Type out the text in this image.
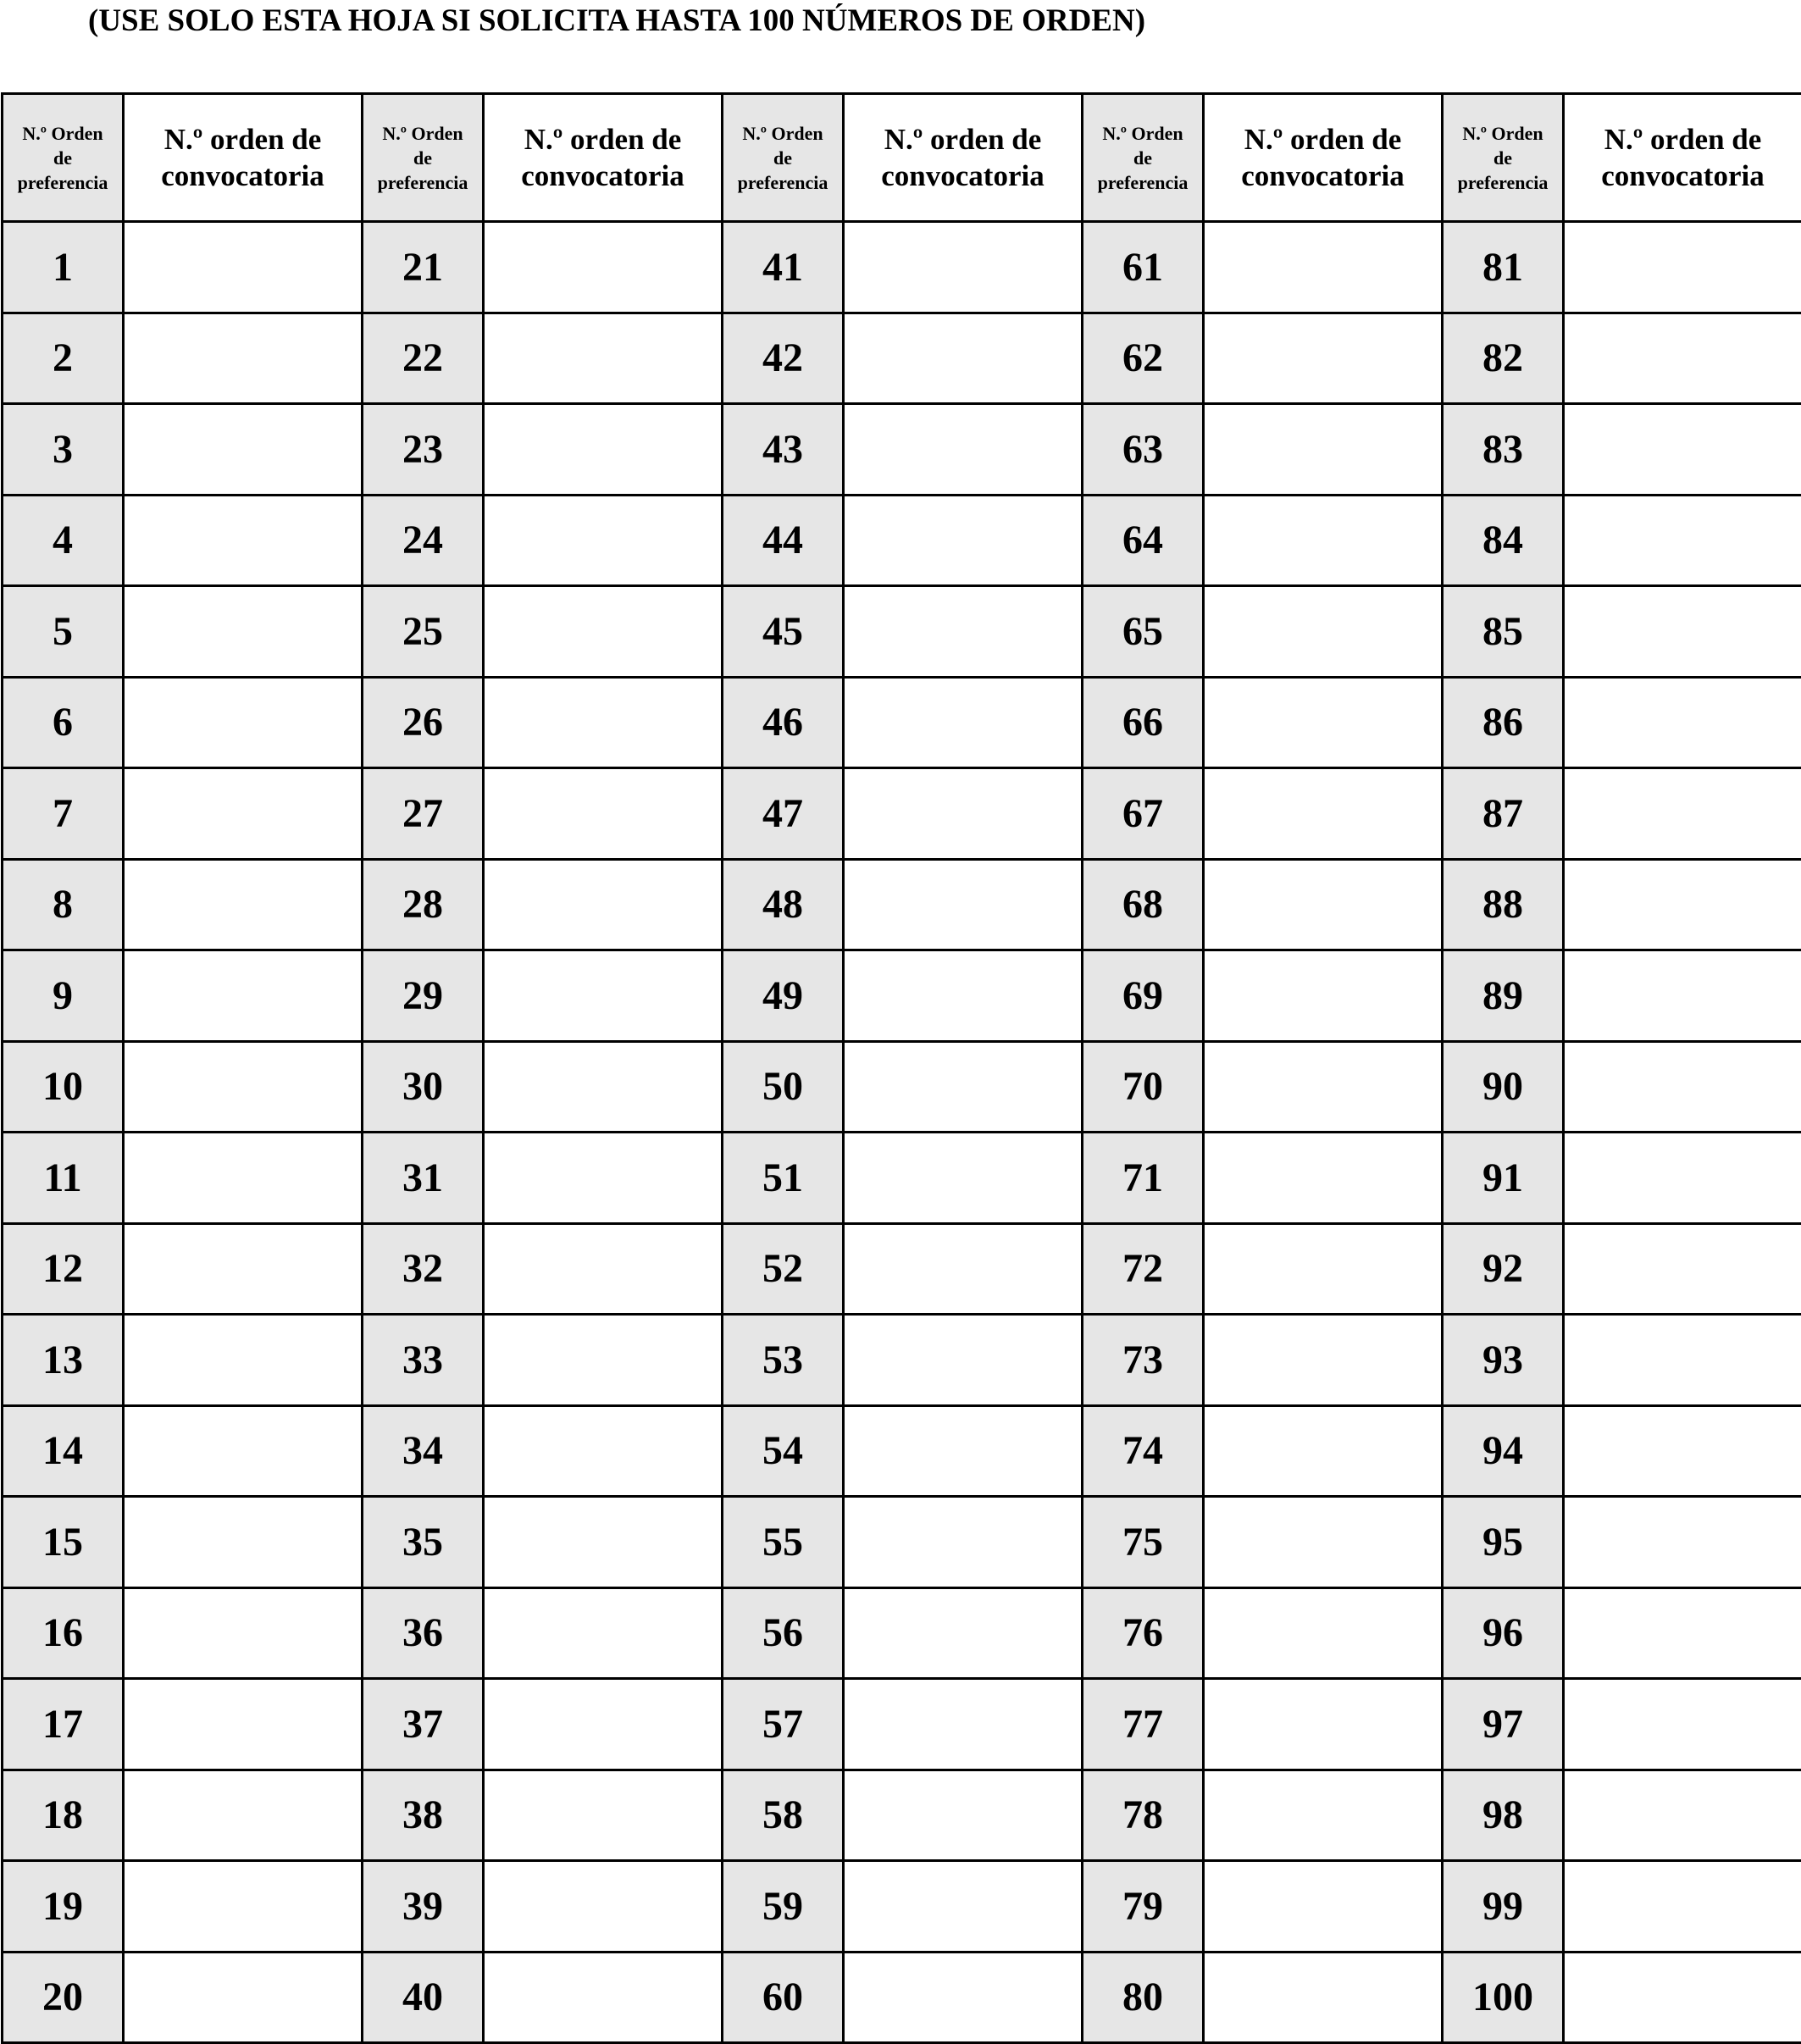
(USE SOLO ESTA HOJA SI SOLICITA HASTA 100 NÚMEROS DE ORDEN)
N.º Orden
de
preferencia	N.º orden de
convocatoria	N.º Orden
de
preferencia	N.º orden de
convocatoria	N.º Orden
de
preferencia	N.º orden de
convocatoria	N.º Orden
de
preferencia	N.º orden de
convocatoria	N.º Orden
de
preferencia	N.º orden de
convocatoria

1		21		41		61		81	
2		22		42		62		82	
3		23		43		63		83	
4		24		44		64		84	
5		25		45		65		85	
6		26		46		66		86	
7		27		47		67		87	
8		28		48		68		88	
9		29		49		69		89	
10		30		50		70		90	
11		31		51		71		91	
12		32		52		72		92	
13		33		53		73		93	
14		34		54		74		94	
15		35		55		75		95	
16		36		56		76		96	
17		37		57		77		97	
18		38		58		78		98	
19		39		59		79		99	
20		40		60		80		100	
